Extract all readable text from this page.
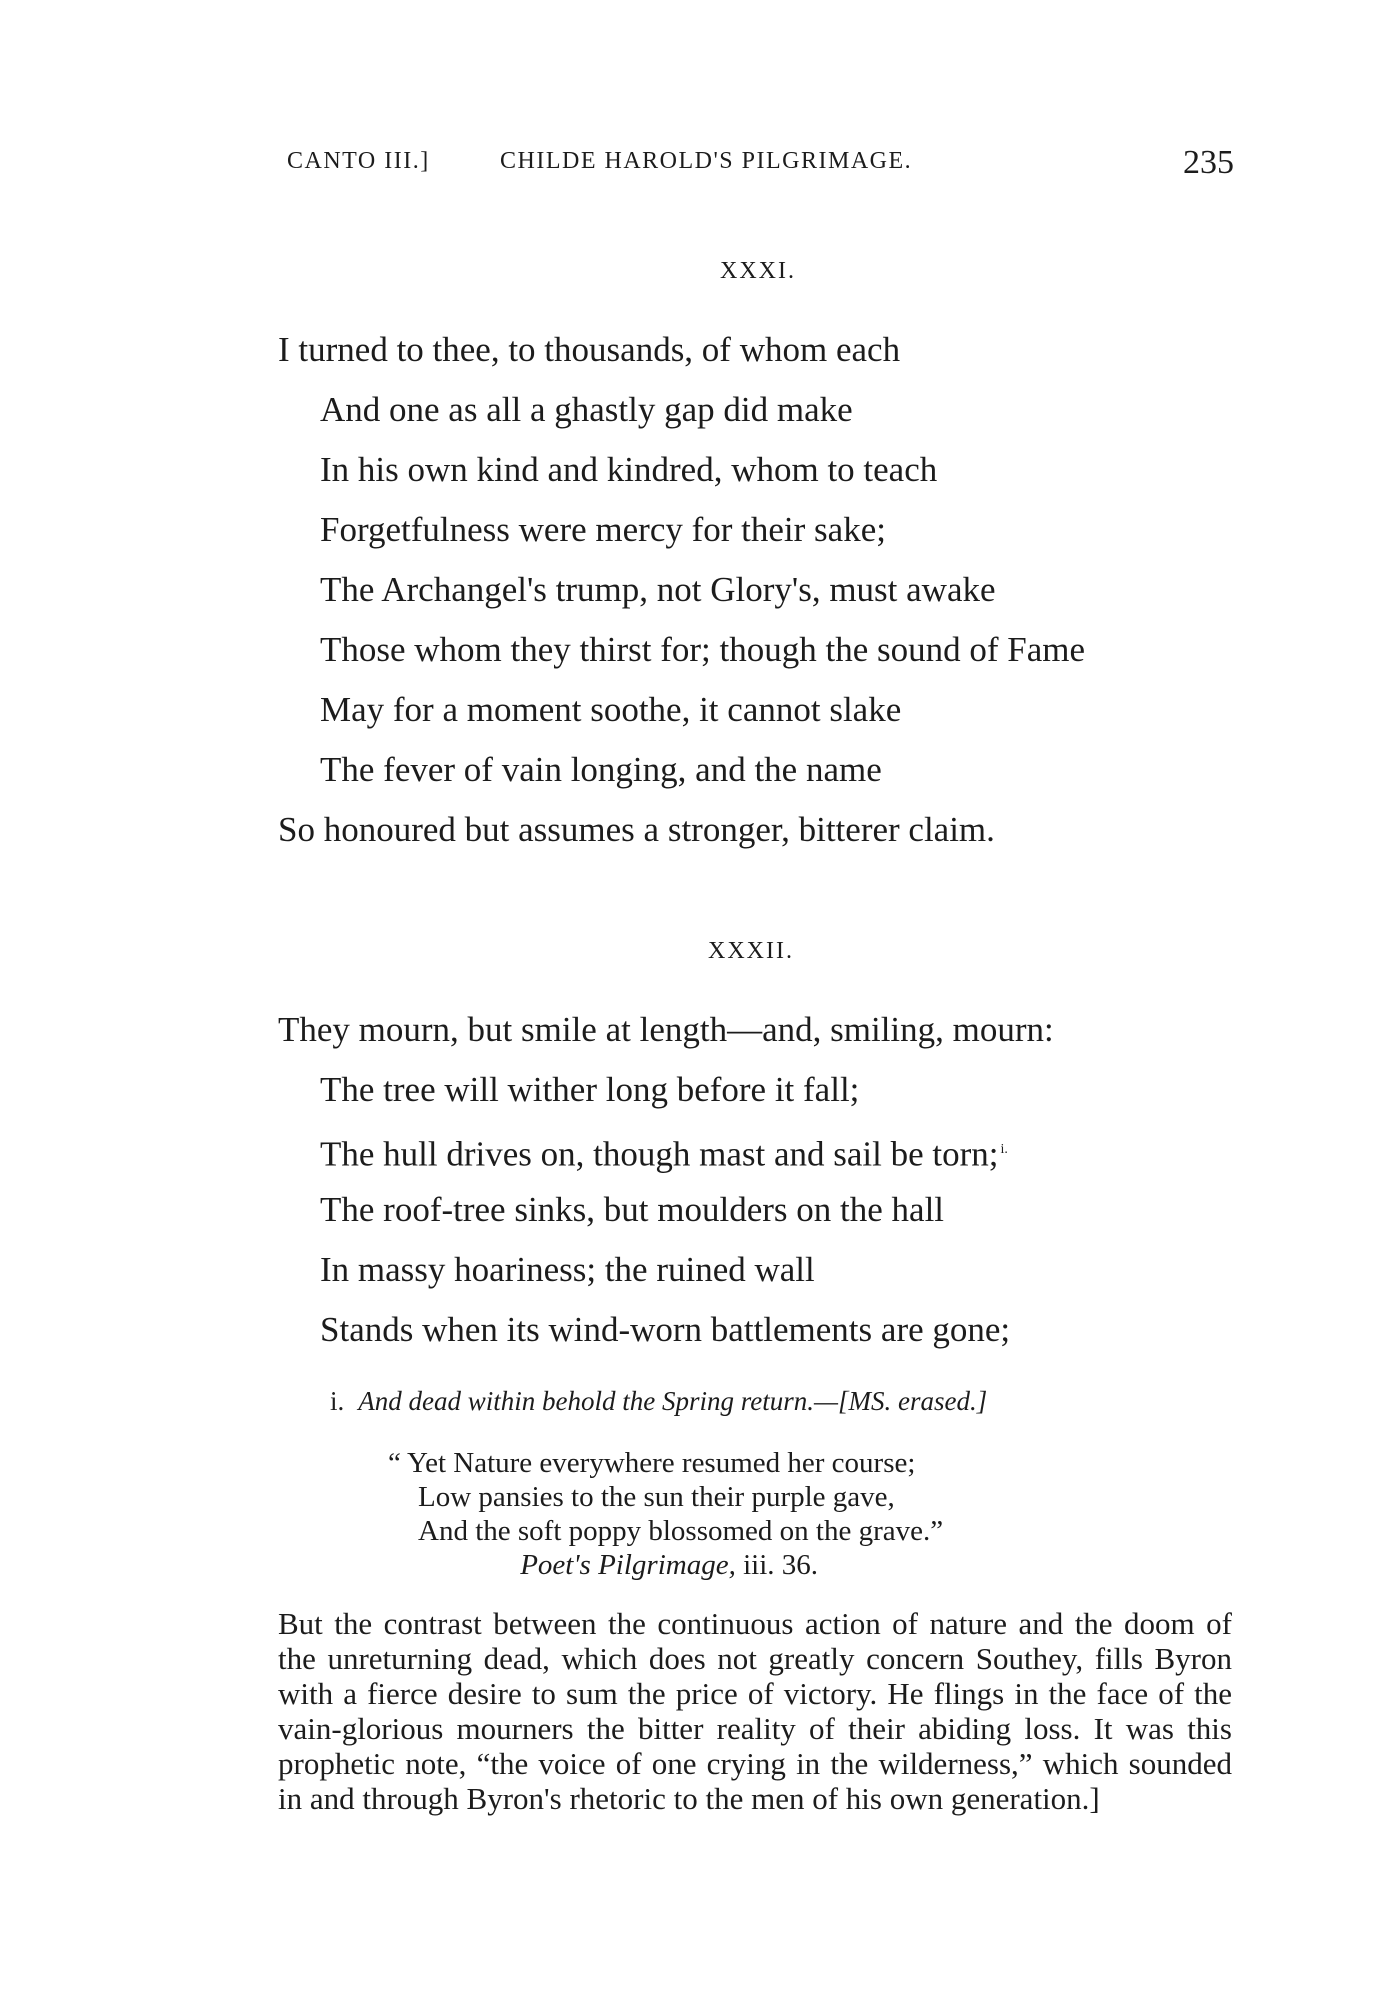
CANTO III.]	CHILDE HAROLD'S PILGRIMAGE.	235
XXXI.
I turned to thee, to thousands, of whom each
And one as all a ghastly gap did make
In his own kind and kindred, whom to teach
Forgetfulness were mercy for their sake;
The Archangel's trump, not Glory's, must awake
Those whom they thirst for; though the sound of Fame
May for a moment soothe, it cannot slake
The fever of vain longing, and the name
So honoured but assumes a stronger, bitterer claim.
XXXII.
They mourn, but smile at length—and, smiling, mourn:
The tree will wither long before it fall;
The hull drives on, though mast and sail be torn; $^{i.}$
The roof-tree sinks, but moulders on the hall
In massy hoariness; the ruined wall
Stands when its wind-worn battlements are gone;
i. And dead within behold the Spring return.—[MS. erased.]
“ Yet Nature everywhere resumed her course;
Low pansies to the sun their purple gave,
And the soft poppy blossomed on the grave.”
Poet's Pilgrimage, iii. 36.
But the contrast between the continuous action of nature and the doom of the unreturning dead, which does not greatly concern Southey, fills Byron with a fierce desire to sum the price of victory. He flings in the face of the vain-glorious mourners the bitter reality of their abiding loss. It was this prophetic note, “the voice of one crying in the wilderness,” which sounded in and through Byron's rhetoric to the men of his own generation.]
